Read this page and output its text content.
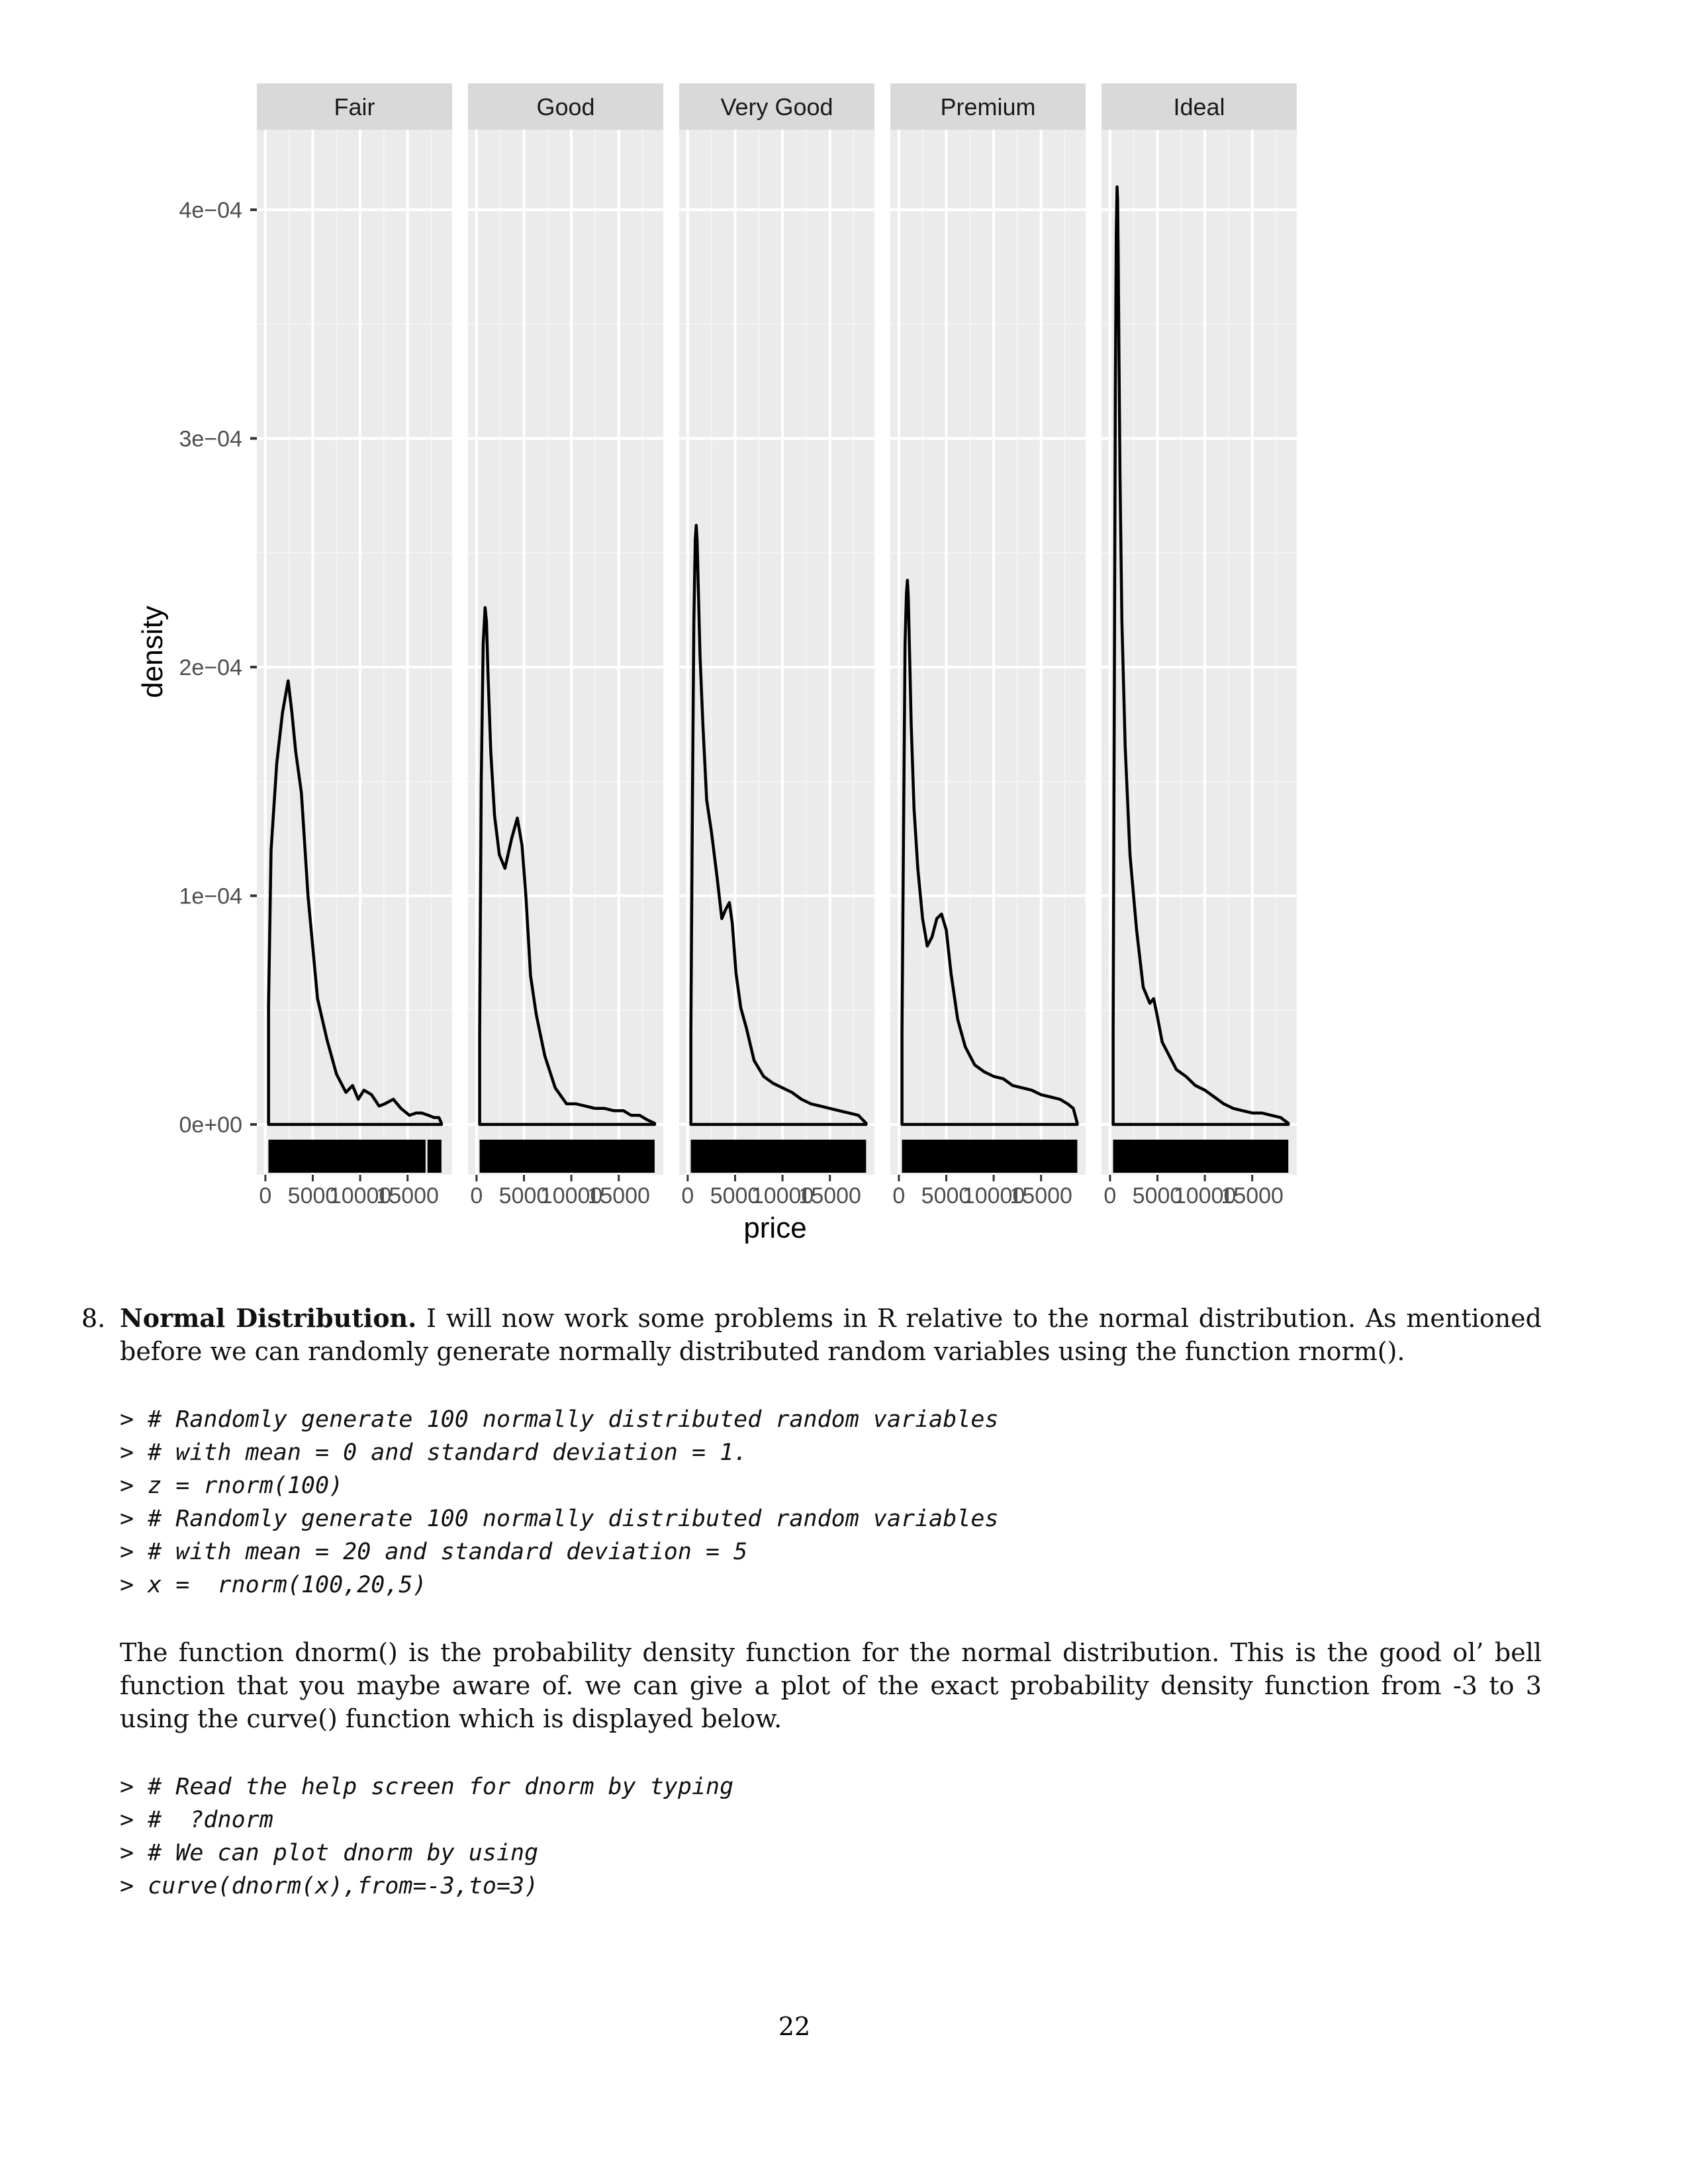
Fair
0 5000
10000
15000
Good
0 5000
10000
15000
Very Good
0 5000
10000
15000
Premium
0 5000
10000
15000
Ideal
0 5000
10000
15000
0e+00
1e−04
2e−04
3e−04
4e−04
price
density
8. Normal Distribution. I will now work some problems in R relative to the normal distribution. As mentioned before we can randomly generate normally distributed random variables using the function rnorm().
> # Randomly generate 100 normally distributed random variables
> # with mean = 0 and standard deviation = 1.
> z = rnorm(100)
> # Randomly generate 100 normally distributed random variables
> # with mean = 20 and standard deviation = 5
> x =  rnorm(100,20,5)
The function dnorm() is the probability density function for the normal distribution. This is the good ol’ bell function that you maybe aware of. we can give a plot of the exact probability density function from -3 to 3 using the curve() function which is displayed below.
> # Read the help screen for dnorm by typing
> #  ?dnorm
> # We can plot dnorm by using
> curve(dnorm(x),from=-3,to=3)
22
